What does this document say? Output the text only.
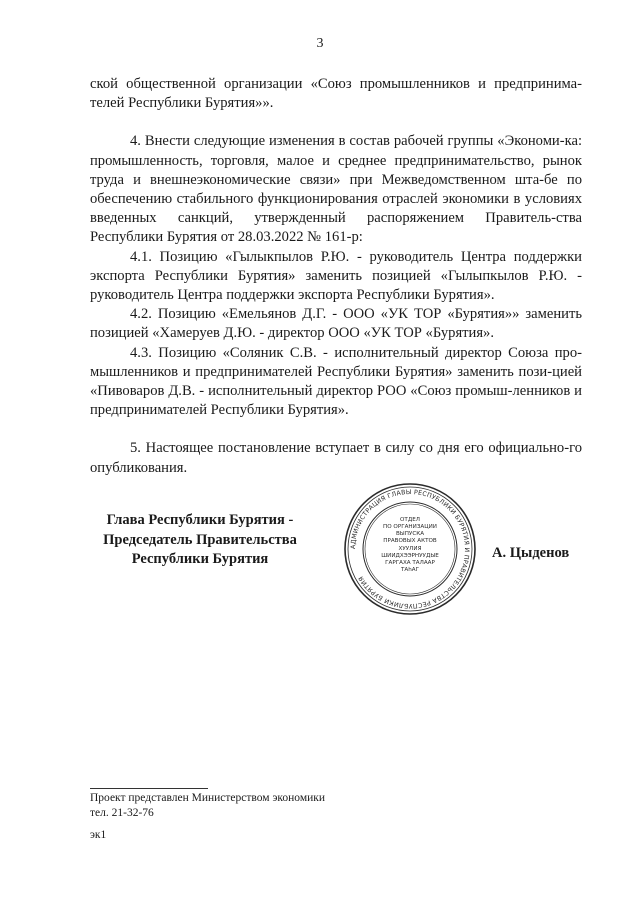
3

ской общественной организации «Союз промышленников и предпринима-телей Республики Бурятия»».

4. Внести следующие изменения в состав рабочей группы «Экономи-ка: промышленность, торговля, малое и среднее предпринимательство, рынок труда и внешнеэкономические связи» при Межведомственном шта-бе по обеспечению стабильного функционирования отраслей экономики в условиях введенных санкций, утвержденный распоряжением Правитель-ства Республики Бурятия от 28.03.2022 № 161-р:

4.1. Позицию «Гылыкпылов Р.Ю. - руководитель Центра поддержки экспорта Республики Бурятия» заменить позицией «Гылыпкылов Р.Ю. - руководитель Центра поддержки экспорта Республики Бурятия».

4.2. Позицию «Емельянов Д.Г. - ООО «УК ТОР «Бурятия»» заменить позицией «Хамеруев Д.Ю. - директор ООО «УК ТОР «Бурятия».

4.3. Позицию «Соляник С.В. - исполнительный директор Союза про-мышленников и предпринимателей Республики Бурятия» заменить пози-цией «Пивоваров Д.В. - исполнительный директор РОО «Союз промыш-ленников и предпринимателей Республики Бурятия».

5. Настоящее постановление вступает в силу со дня его официально-го опубликования.

Глава Республики Бурятия -
Председатель Правительства
Республики Бурятия
АДМИНИСТРАЦИЯ ГЛАВЫ РЕСПУБЛИКИ БУРЯТИЯ И ПРАВИТЕЛЬСТВА РЕСПУБЛИКИ БУРЯТИЯ
ОТДЕЛ
ПО ОРГАНИЗАЦИИ
ВЫПУСКА
ПРАВОВЫХ АКТОВ
ХУУЛИЯ
ШИИДХЭЭРНУУДЫЕ
ГАРГАХА ТАЛААР
ТАһАГ
А. Цыденов
Проект представлен Министерством экономики
тел. 21-32-76
эк1
